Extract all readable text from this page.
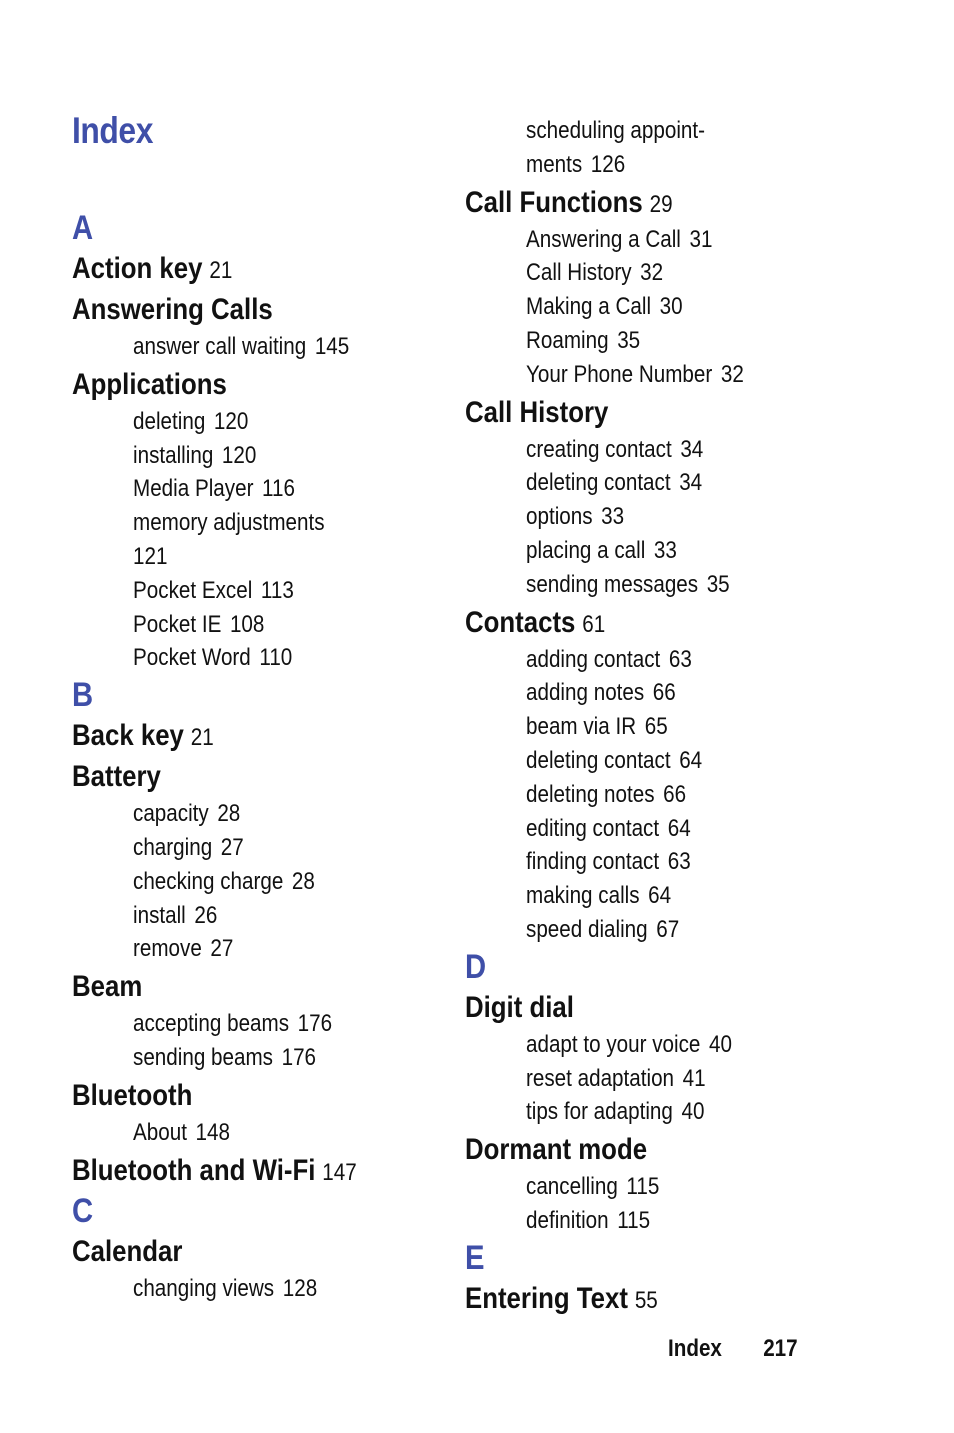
Index
A
Action key 21
Answering Calls
answer call waiting 145
Applications
deleting 120
installing 120
Media Player 116
memory adjustments
121
Pocket Excel 113
Pocket IE 108
Pocket Word 110
B
Back key 21
Battery
capacity 28
charging 27
checking charge 28
install 26
remove 27
Beam
accepting beams 176
sending beams 176
Bluetooth
About 148
Bluetooth and Wi-Fi 147
C
Calendar
changing views 128
scheduling appoint-
ments 126
Call Functions 29
Answering a Call 31
Call History 32
Making a Call 30
Roaming 35
Your Phone Number 32
Call History
creating contact 34
deleting contact 34
options 33
placing a call 33
sending messages 35
Contacts 61
adding contact 63
adding notes 66
beam via IR 65
deleting contact 64
deleting notes 66
editing contact 64
finding contact 63
making calls 64
speed dialing 67
D
Digit dial
adapt to your voice 40
reset adaptation 41
tips for adapting 40
Dormant mode
cancelling 115
definition 115
E
Entering Text 55
Index 217
